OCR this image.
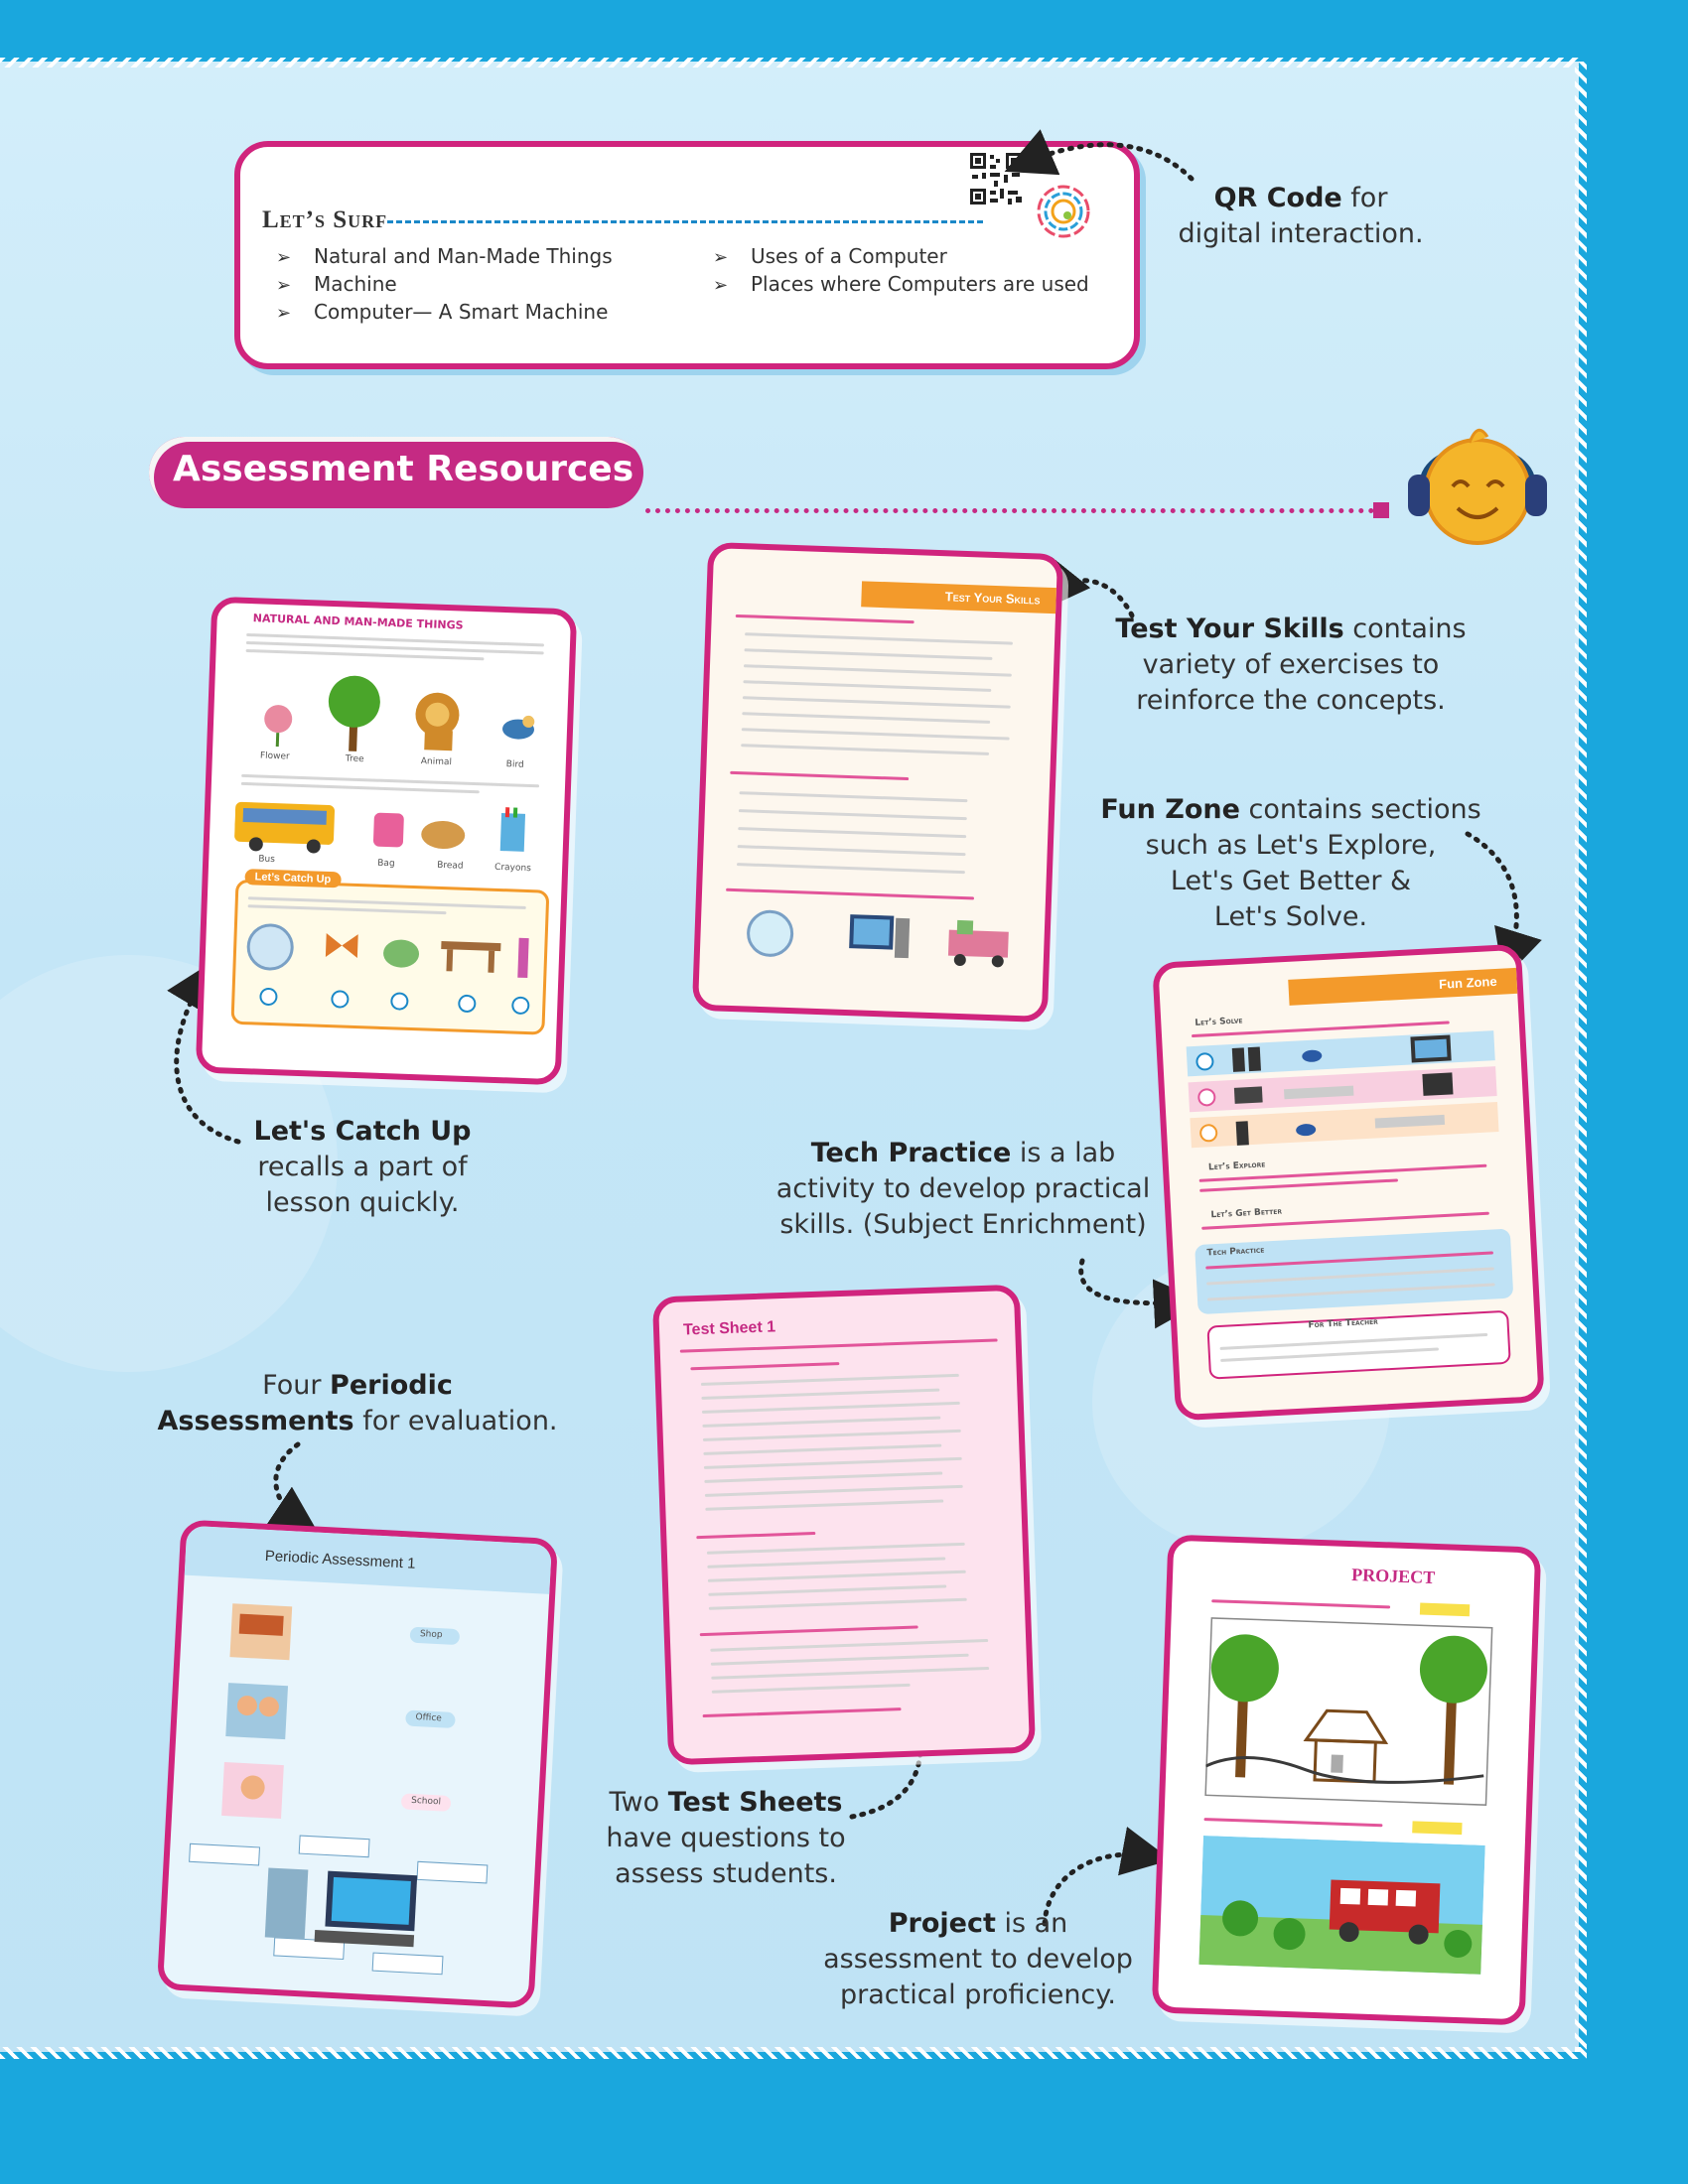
Let’s Surf
➢ Natural and Man-Made Things
➢ Machine
➢ Computer— A Smart Machine
➢ Uses of a Computer
➢ Places where Computers are used
QR Code for
digital interaction.
Assessment Resources
NATURAL AND MAN-MADE THINGS
Flower	Tree	Animal	Bird
Bus	Bag	Bread	Crayons
Let’s Catch Up
Test Your Skills
Test Your Skills contains
variety of exercises to
reinforce the concepts.
Fun Zone contains sections
such as Let's Explore,
Let's Get Better &
Let's Solve.
Fun Zone
Let’s Solve
Let’s Explore
Let’s Get Better
Tech Practice
For The Teacher
Let's Catch Up
recalls a part of
lesson quickly.
Tech Practice is a lab
activity to develop practical
skills. (Subject Enrichment)
Test Sheet 1
Four Periodic
Assessments for evaluation.
Periodic Assessment 1
Shop
Office
School	Two Test Sheets
have questions to
assess students.
PROJECT
Project is an
assessment to develop
practical proficiency.
